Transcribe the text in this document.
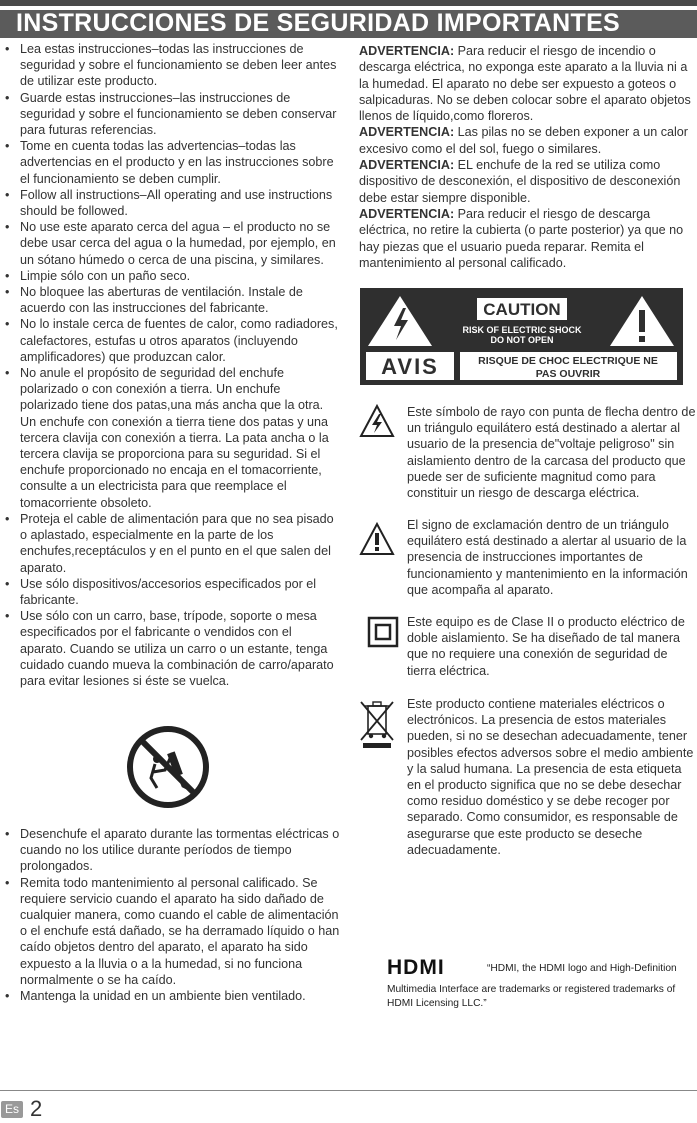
INSTRUCCIONES DE SEGURIDAD IMPORTANTES
• Lea estas instrucciones–todas las instrucciones de seguridad y sobre el funcionamiento se deben leer antes de utilizar este producto.
• Guarde estas instrucciones–las instrucciones de seguridad y sobre el funcionamiento se deben conservar para futuras referencias.
• Tome en cuenta todas las advertencias–todas las advertencias en el producto y en las instrucciones sobre el funcionamiento se deben cumplir.
• Follow all instructions–All operating and use instructions should be followed.
• No use este aparato cerca del agua – el producto no se debe usar cerca del agua o la humedad, por ejemplo, en un sótano húmedo o cerca de una piscina, y similares.
• Limpie sólo con un paño seco.
• No bloquee las aberturas de ventilación. Instale de acuerdo con las instrucciones del fabricante.
• No lo instale cerca de fuentes de calor, como radiadores, calefactores, estufas u otros aparatos (incluyendo amplificadores) que produzcan calor.
• No anule el propósito de seguridad del enchufe polarizado o con conexión a tierra. Un enchufe polarizado tiene dos patas,una más ancha que la otra. Un enchufe con conexión a tierra tiene dos patas y una tercera clavija con conexión a tierra. La pata ancha o la tercera clavija se proporciona para su seguridad. Si el enchufe proporcionado no encaja en el tomacorriente, consulte a un electricista para que reemplace el tomacorriente obsoleto.
• Proteja el cable de alimentación para que no sea pisado o aplastado, especialmente en la parte de los enchufes,receptáculos y en el punto en el que salen del aparato.
• Use sólo dispositivos/accesorios especificados por el fabricante.
• Use sólo con un carro, base, trípode, soporte o mesa especificados por el fabricante o vendidos con el aparato. Cuando se utiliza un carro o un estante, tenga cuidado cuando mueva la combinación de carro/aparato para evitar lesiones si éste se vuelca.
• Desenchufe el aparato durante las tormentas eléctricas o cuando no los utilice durante períodos de tiempo prolongados.
• Remita todo mantenimiento al personal calificado. Se requiere servicio cuando el aparato ha sido dañado de cualquier manera, como cuando el cable de alimentación o el enchufe está dañado, se ha derramado líquido o han caído objetos dentro del aparato, el aparato ha sido expuesto a la lluvia o a la humedad, si no funciona normalmente o se ha caído.
• Mantenga la unidad en un ambiente bien ventilado.

ADVERTENCIA: Para reducir el riesgo de incendio o descarga eléctrica, no exponga este aparato a la lluvia ni a la humedad. El aparato no debe ser expuesto a goteos o salpicaduras. No se deben colocar sobre el aparato objetos llenos de líquido,como floreros.

ADVERTENCIA: Las pilas no se deben exponer a un calor excesivo como el del sol, fuego o similares.

ADVERTENCIA: EL enchufe de la red se utiliza como dispositivo de desconexión, el dispositivo de desconexión debe estar siempre disponible.

ADVERTENCIA: Para reducir el riesgo de descarga eléctrica, no retire la cubierta (o parte posterior) ya que no hay piezas que el usuario pueda reparar. Remita el mantenimiento al personal calificado.

CAUTION
RISK OF ELECTRIC SHOCK
DO NOT OPEN
AVIS	RISQUE DE CHOC ELECTRIQUE NE
PAS OUVRIR
Este símbolo de rayo con punta de flecha dentro de un triángulo equilátero está destinado a alertar al usuario de la presencia de"voltaje peligroso" sin aislamiento dentro de la carcasa del producto que puede ser de suficiente magnitud como para constituir un riesgo de descarga eléctrica.
El signo de exclamación dentro de un triángulo equilátero está destinado a alertar al usuario de la presencia de instrucciones importantes de funcionamiento y mantenimiento en la información que acompaña al aparato.
Este equipo es de Clase II o producto eléctrico de doble aislamiento. Se ha diseñado de tal manera que no requiere una conexión de seguridad de tierra eléctrica.
Este producto contiene materiales eléctricos o electrónicos. La presencia de estos materiales pueden, si no se desechan adecuadamente, tener posibles efectos adversos sobre el medio ambiente y la salud humana. La presencia de esta etiqueta en el producto significa que no se debe desechar como residuo doméstico y se debe recoger por separado. Como consumidor, es responsable de asegurarse que este producto se deseche adecuadamente.
HDMI	“HDMI, the HDMI logo and High-Definition
Multimedia Interface are trademarks or registered trademarks of HDMI Licensing LLC.”
Es 2
